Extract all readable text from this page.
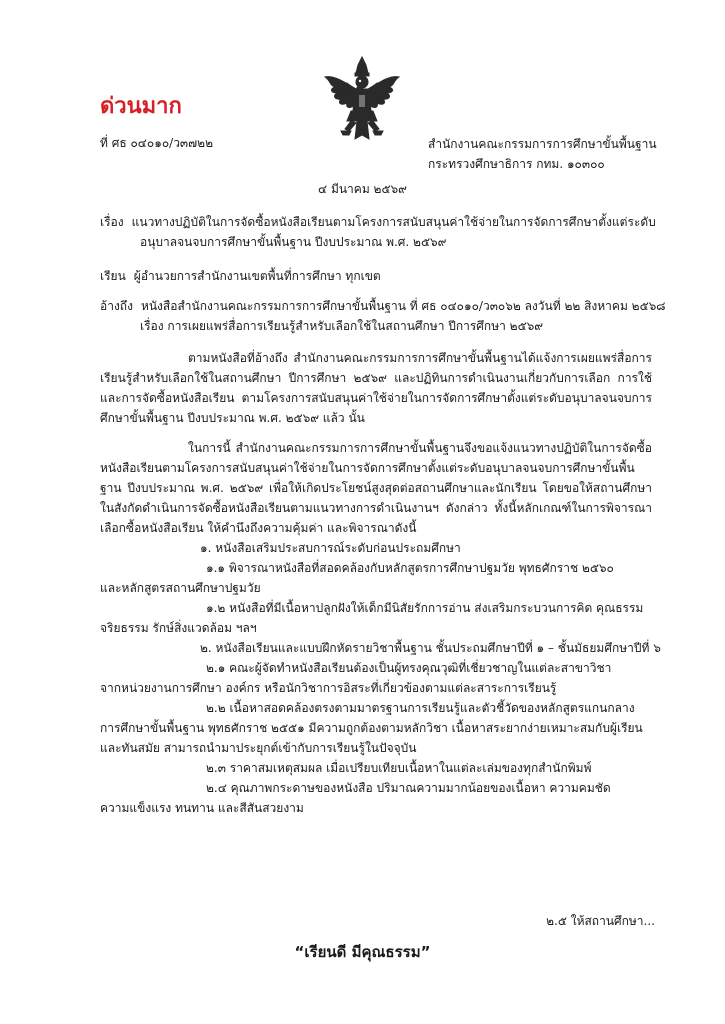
ด่วนมาก
ที่ ศธ ๐๔๐๑๐/ว๓๗๒๒	สำนักงานคณะกรรมการการศึกษาขั้นพื้นฐาน
กระทรวงศึกษาธิการ กทม. ๑๐๓๐๐
๔ มีนาคม ๒๕๖๙
เรื่อง แนวทางปฏิบัติในการจัดซื้อหนังสือเรียนตามโครงการสนับสนุนค่าใช้จ่ายในการจัดการศึกษาตั้งแต่ระดับ
อนุบาลจนจบการศึกษาขั้นพื้นฐาน ปีงบประมาณ พ.ศ. ๒๕๖๙
เรียน ผู้อำนวยการสำนักงานเขตพื้นที่การศึกษา ทุกเขต
อ้างถึง หนังสือสำนักงานคณะกรรมการการศึกษาขั้นพื้นฐาน ที่ ศธ ๐๔๐๑๐/ว๓๐๖๒ ลงวันที่ ๒๒ สิงหาคม ๒๕๖๘
เรื่อง การเผยแพร่สื่อการเรียนรู้สำหรับเลือกใช้ในสถานศึกษา ปีการศึกษา ๒๕๖๙

ตามหนังสือที่อ้างถึง สำนักงานคณะกรรมการการศึกษาขั้นพื้นฐานได้แจ้งการเผยแพร่สื่อการเรียนรู้สำหรับเลือกใช้ในสถานศึกษา ปีการศึกษา ๒๕๖๙ และปฏิทินการดำเนินงานเกี่ยวกับการเลือก การใช้ และการจัดซื้อหนังสือเรียน ตามโครงการสนับสนุนค่าใช้จ่ายในการจัดการศึกษาตั้งแต่ระดับอนุบาลจนจบการศึกษาขั้นพื้นฐาน ปีงบประมาณ พ.ศ. ๒๕๖๙ แล้ว นั้น

ในการนี้ สำนักงานคณะกรรมการการศึกษาขั้นพื้นฐานจึงขอแจ้งแนวทางปฏิบัติในการจัดซื้อหนังสือเรียนตามโครงการสนับสนุนค่าใช้จ่ายในการจัดการศึกษาตั้งแต่ระดับอนุบาลจนจบการศึกษาขั้นพื้นฐาน ปีงบประมาณ พ.ศ. ๒๕๖๙ เพื่อให้เกิดประโยชน์สูงสุดต่อสถานศึกษาและนักเรียน โดยขอให้สถานศึกษาในสังกัดดำเนินการจัดซื้อหนังสือเรียนตามแนวทางการดำเนินงานฯ ดังกล่าว ทั้งนี้หลักเกณฑ์ในการพิจารณาเลือกซื้อหนังสือเรียน ให้คำนึงถึงความคุ้มค่า และพิจารณาดังนี้

๑. หนังสือเสริมประสบการณ์ระดับก่อนประถมศึกษา
๑.๑ พิจารณาหนังสือที่สอดคล้องกับหลักสูตรการศึกษาปฐมวัย พุทธศักราช ๒๕๖๐
และหลักสูตรสถานศึกษาปฐมวัย
๑.๒ หนังสือที่มีเนื้อหาปลูกฝังให้เด็กมีนิสัยรักการอ่าน ส่งเสริมกระบวนการคิด คุณธรรม
จริยธรรม รักษ์สิ่งแวดล้อม ฯลฯ
๒. หนังสือเรียนและแบบฝึกหัดรายวิชาพื้นฐาน ชั้นประถมศึกษาปีที่ ๑ – ชั้นมัธยมศึกษาปีที่ ๖
๒.๑ คณะผู้จัดทำหนังสือเรียนต้องเป็นผู้ทรงคุณวุฒิที่เชี่ยวชาญในแต่ละสาขาวิชา
จากหน่วยงานการศึกษา องค์กร หรือนักวิชาการอิสระที่เกี่ยวข้องตามแต่ละสาระการเรียนรู้
๒.๒ เนื้อหาสอดคล้องตรงตามมาตรฐานการเรียนรู้และตัวชี้วัดของหลักสูตรแกนกลาง
การศึกษาขั้นพื้นฐาน พุทธศักราช ๒๕๕๑ มีความถูกต้องตามหลักวิชา เนื้อหาสระยากง่ายเหมาะสมกับผู้เรียน
และทันสมัย สามารถนำมาประยุกต์เข้ากับการเรียนรู้ในปัจจุบัน
๒.๓ ราคาสมเหตุสมผล เมื่อเปรียบเทียบเนื้อหาในแต่ละเล่มของทุกสำนักพิมพ์
๒.๔ คุณภาพกระดาษของหนังสือ ปริมาณความมากน้อยของเนื้อหา ความคมชัด
ความแข็งแรง ทนทาน และสีสันสวยงาม
๒.๕ ให้สถานศึกษา...
“เรียนดี มีคุณธรรม”
